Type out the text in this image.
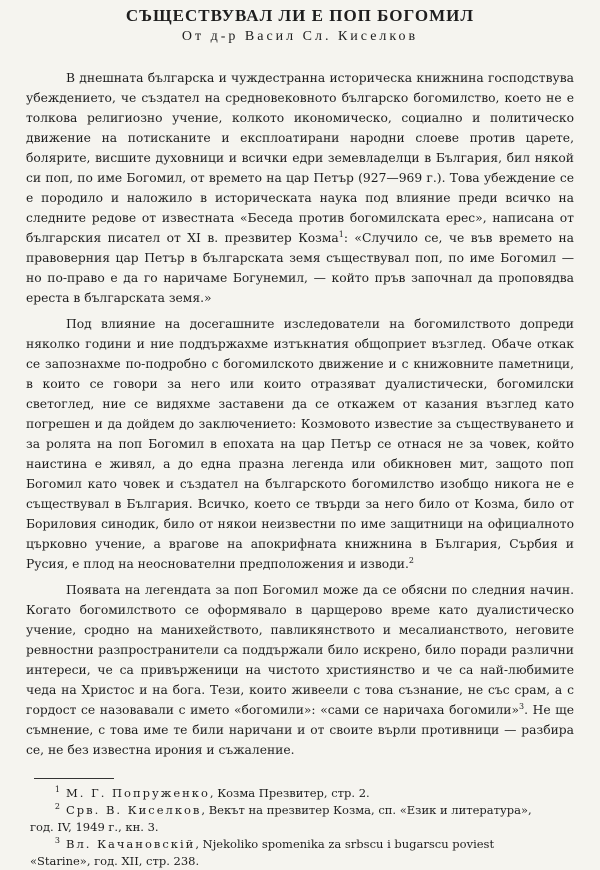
СЪЩЕСТВУВАЛ ЛИ Е ПОП БОГОМИЛ
От д-р Васил Сл. Киселков

В днешната българска и чуждестранна историческа книжнина господствува убеждението, че създател на средновековното българско богомилство, което не е толкова религиозно учение, колкото икономическо, социално и политическо движение на потисканите и експлоатирани народни слоеве против царете, болярите, висшите духовници и всички едри земевладелци в България, бил някой си поп, по име Богомил, от времето на цар Петър (927—969 г.). Това убеждение се е породило и наложило в историческата наука под влияние преди всичко на следните редове от известната «Беседа против богомилската ерес», написана от българския писател от XI в. презвитер Козма$^1$: «Случило се, че във времето на правоверния цар Петър в българската земя съществувал поп, по име Богомил — но по-право е да го наричаме Богунемил, — който пръв започнал да проповядва ереста в българската земя.»

Под влияние на досегашните изследователи на богомилството допреди няколко години и ние поддържахме изтъкнатия общоприет възглед. Обаче откак се запознахме по-подробно с богомилското движение и с книжовните паметници, в които се говори за него или които отразяват дуалистически, богомилски светоглед, ние се видяхме заставени да се откажем от казания възглед като погрешен и да дойдем до заключението: Козмовото известие за съществуването и за ролята на поп Богомил в епохата на цар Петър се отнася не за човек, който наистина е живял, а до една празна легенда или обикновен мит, защото поп Богомил като човек и създател на българското богомилство изобщо никога не е съществувал в България. Всичко, което се твърди за него било от Козма, било от Бориловия синодик, било от някои неизвестни по име защитници на официалното църковно учение, а врагове на апокрифната книжнина в България, Сърбия и Русия, е плод на неоснователни предположения и изводи.$^2$

Появата на легендата за поп Богомил може да се обясни по следния начин. Когато богомилството се оформявало в царщерово време като дуалистическо учение, сродно на манихейството, павликянството и месалианството, неговите ревностни разпространители са поддържали било искрено, било поради различни интереси, че са привърженици на чистото християнство и че са най-любимите чеда на Христос и на бога. Тези, които живеели с това съзнание, не със срам, а с гордост се назовавали с името «богомили»: «сами се наричаха богомили»$^3$. Не ще съмнение, с това име те били наричани и от своите върли противници — разбира се, не без известна ирония и съжаление.

$^1$ М. Г. Попруженко, Козма Презвитер, стр. 2.

$^2$ Срв. В. Киселков, Векът на презвитер Козма, сп. «Език и литература»,
год. IV, 1949 г., кн. 3.

$^3$ Вл. Качановскій, Njekoliko spomenika za srbscu i bugarscu poviest
«Starine», год. XII, стр. 238.
